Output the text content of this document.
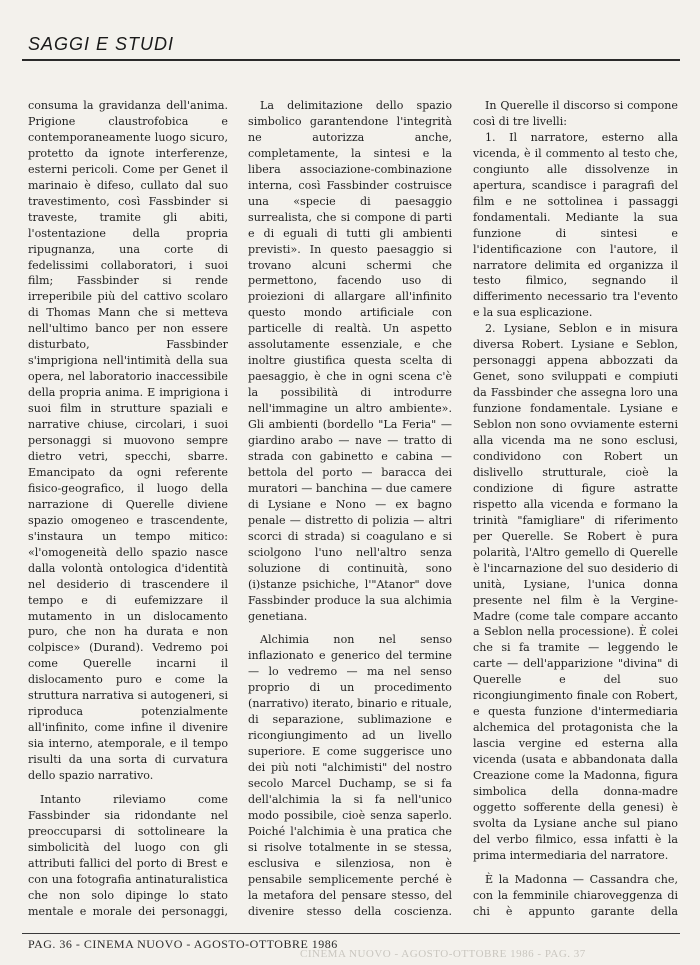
SAGGI E STUDI

consuma la gravidanza dell'anima. Prigione claustrofobica e contemporaneamente luogo sicuro, protetto da ignote interferenze, esterni pericoli. Come per Genet il marinaio è difeso, cullato dal suo travestimento, così Fassbinder si traveste, tramite gli abiti, l'ostentazione della propria ripugnanza, una corte di fedelissimi collaboratori, i suoi film; Fassbinder si rende irreperibile più del cattivo scolaro di Thomas Mann che si metteva nell'ultimo banco per non essere disturbato, Fassbinder s'imprigiona nell'intimità della sua opera, nel laboratorio inaccessibile della propria anima. E imprigiona i suoi film in strutture spaziali e narrative chiuse, circolari, i suoi personaggi si muovono sempre dietro vetri, specchi, sbarre. Emancipato da ogni referente fisico-geografico, il luogo della narrazione di Querelle diviene spazio omogeneo e trascendente, s'instaura un tempo mitico: «l'omogeneità dello spazio nasce dalla volontà ontologica d'identità nel desiderio di trascendere il tempo e di eufemizzare il mutamento in un dislocamento puro, che non ha durata e non colpisce» (Durand). Vedremo poi come Querelle incarni il dislocamento puro e come la struttura narrativa si autogeneri, si riproduca potenzialmente all'infinito, come infine il divenire sia interno, atemporale, e il tempo risulti da una sorta di curvatura dello spazio narrativo.

Intanto rileviamo come Fassbinder sia ridondante nel preoccuparsi di sottolineare la simbolicità del luogo con gli attributi fallici del porto di Brest e con una fotografia antinaturalistica che non solo dipinge lo stato mentale e morale dei personaggi,

La delimitazione dello spazio simbolico garantendone l'integrità ne autorizza anche, completamente, la sintesi e la libera associazione-combinazione interna, così Fassbinder costruisce una «specie di paesaggio surrealista, che si compone di parti e di eguali di tutti gli ambienti previsti». In questo paesaggio si trovano alcuni schermi che permettono, facendo uso di proiezioni di allargare all'infinito questo mondo artificiale con particelle di realtà. Un aspetto assolutamente essenziale, e che inoltre giustifica questa scelta di paesaggio, è che in ogni scena c'è la possibilità di introdurre nell'immagine un altro ambiente». Gli ambienti (bordello "La Feria" — giardino arabo — nave — tratto di strada con gabinetto e cabina — bettola del porto — baracca dei muratori — banchina — due camere di Lysiane e Nono — ex bagno penale — distretto di polizia — altri scorci di strada) si coagulano e si sciolgono l'uno nell'altro senza soluzione di continuità, sono (i)stanze psichiche, l'"Atanor" dove Fassbinder produce la sua alchimia genetiana.

Alchimia non nel senso inflazionato e generico del termine — lo vedremo — ma nel senso proprio di un procedimento (narrativo) iterato, binario e rituale, di separazione, sublimazione e ricongiungimento ad un livello superiore. E come suggerisce uno dei più noti "alchimisti" del nostro secolo Marcel Duchamp, se si fa dell'alchimia la si fa nell'unico modo possibile, cioè senza saperlo. Poiché l'alchimia è una pratica che si risolve totalmente in se stessa, esclusiva e silenziosa, non è pensabile semplicemente perché è la metafora del pensare stesso, del divenire stesso della coscienza.

In Querelle il discorso si compone così di tre livelli:

1. Il narratore, esterno alla vicenda, è il commento al testo che, congiunto alle dissolvenze in apertura, scandisce i paragrafi del film e ne sottolinea i passaggi fondamentali. Mediante la sua funzione di sintesi e l'identificazione con l'autore, il narratore delimita ed organizza il testo filmico, segnando il differimento necessario tra l'evento e la sua esplicazione.

2. Lysiane, Seblon e in misura diversa Robert. Lysiane e Seblon, personaggi appena abbozzati da Genet, sono sviluppati e compiuti da Fassbinder che assegna loro una funzione fondamentale. Lysiane e Seblon non sono ovviamente esterni alla vicenda ma ne sono esclusi, condividono con Robert un dislivello strutturale, cioè la condizione di figure astratte rispetto alla vicenda e formano la trinità "famigliare" di riferimento per Querelle. Se Robert è pura polarità, l'Altro gemello di Querelle è l'incarnazione del suo desiderio di unità, Lysiane, l'unica donna presente nel film è la Vergine-Madre (come tale compare accanto a Seblon nella processione). È colei che si fa tramite — leggendo le carte — dell'apparizione "divina" di Querelle e del suo ricongiungimento finale con Robert, e questa funzione d'intermediaria alchemica del protagonista che la lascia vergine ed esterna alla vicenda (usata e abbandonata dalla Creazione come la Madonna, figura simbolica della donna-madre oggetto sofferente della genesi) è svolta da Lysiane anche sul piano del verbo filmico, essa infatti è la prima intermediaria del narratore.

È la Madonna — Cassandra che, con la femminile chiaroveggenza di chi è appunto garante della

PAG. 36 - CINEMA NUOVO - AGOSTO-OTTOBRE 1986
CINEMA NUOVO - AGOSTO-OTTOBRE 1986 - PAG. 37
